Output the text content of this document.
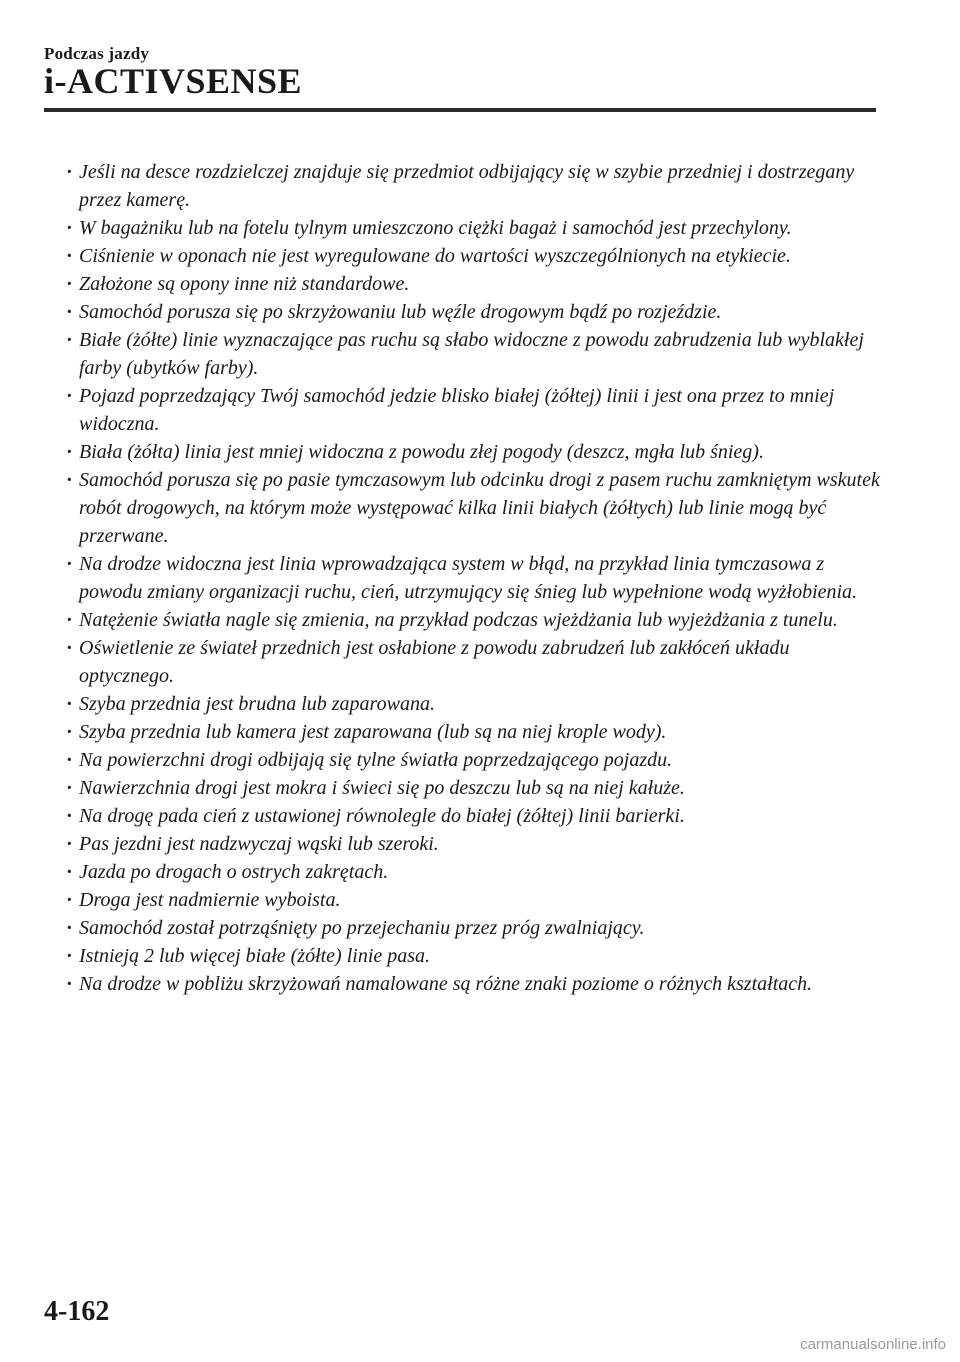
Podczas jazdy
i-ACTIVSENSE
· Jeśli na desce rozdzielczej znajduje się przedmiot odbijający się w szybie przedniej i dostrzegany przez kamerę.
· W bagażniku lub na fotelu tylnym umieszczono ciężki bagaż i samochód jest przechylony.
· Ciśnienie w oponach nie jest wyregulowane do wartości wyszczególnionych na etykiecie.
· Założone są opony inne niż standardowe.
· Samochód porusza się po skrzyżowaniu lub węźle drogowym bądź po rozjeździe.
· Białe (żółte) linie wyznaczające pas ruchu są słabo widoczne z powodu zabrudzenia lub wyblakłej farby (ubytków farby).
· Pojazd poprzedzający Twój samochód jedzie blisko białej (żółtej) linii i jest ona przez to mniej widoczna.
· Biała (żółta) linia jest mniej widoczna z powodu złej pogody (deszcz, mgła lub śnieg).
· Samochód porusza się po pasie tymczasowym lub odcinku drogi z pasem ruchu zamkniętym wskutek robót drogowych, na którym może występować kilka linii białych (żółtych) lub linie mogą być przerwane.
· Na drodze widoczna jest linia wprowadzająca system w błąd, na przykład linia tymczasowa z powodu zmiany organizacji ruchu, cień, utrzymujący się śnieg lub wypełnione wodą wyżłobienia.
· Natężenie światła nagle się zmienia, na przykład podczas wjeżdżania lub wyjeżdżania z tunelu.
· Oświetlenie ze świateł przednich jest osłabione z powodu zabrudzeń lub zakłóceń układu optycznego.
· Szyba przednia jest brudna lub zaparowana.
· Szyba przednia lub kamera jest zaparowana (lub są na niej krople wody).
· Na powierzchni drogi odbijają się tylne światła poprzedzającego pojazdu.
· Nawierzchnia drogi jest mokra i świeci się po deszczu lub są na niej kałuże.
· Na drogę pada cień z ustawionej równolegle do białej (żółtej) linii barierki.
· Pas jezdni jest nadzwyczaj wąski lub szeroki.
· Jazda po drogach o ostrych zakrętach.
· Droga jest nadmiernie wyboista.
· Samochód został potrząśnięty po przejechaniu przez próg zwalniający.
· Istnieją 2 lub więcej białe (żółte) linie pasa.
· Na drodze w pobliżu skrzyżowań namalowane są różne znaki poziome o różnych kształtach.
4-162
carmanualsonline.info
